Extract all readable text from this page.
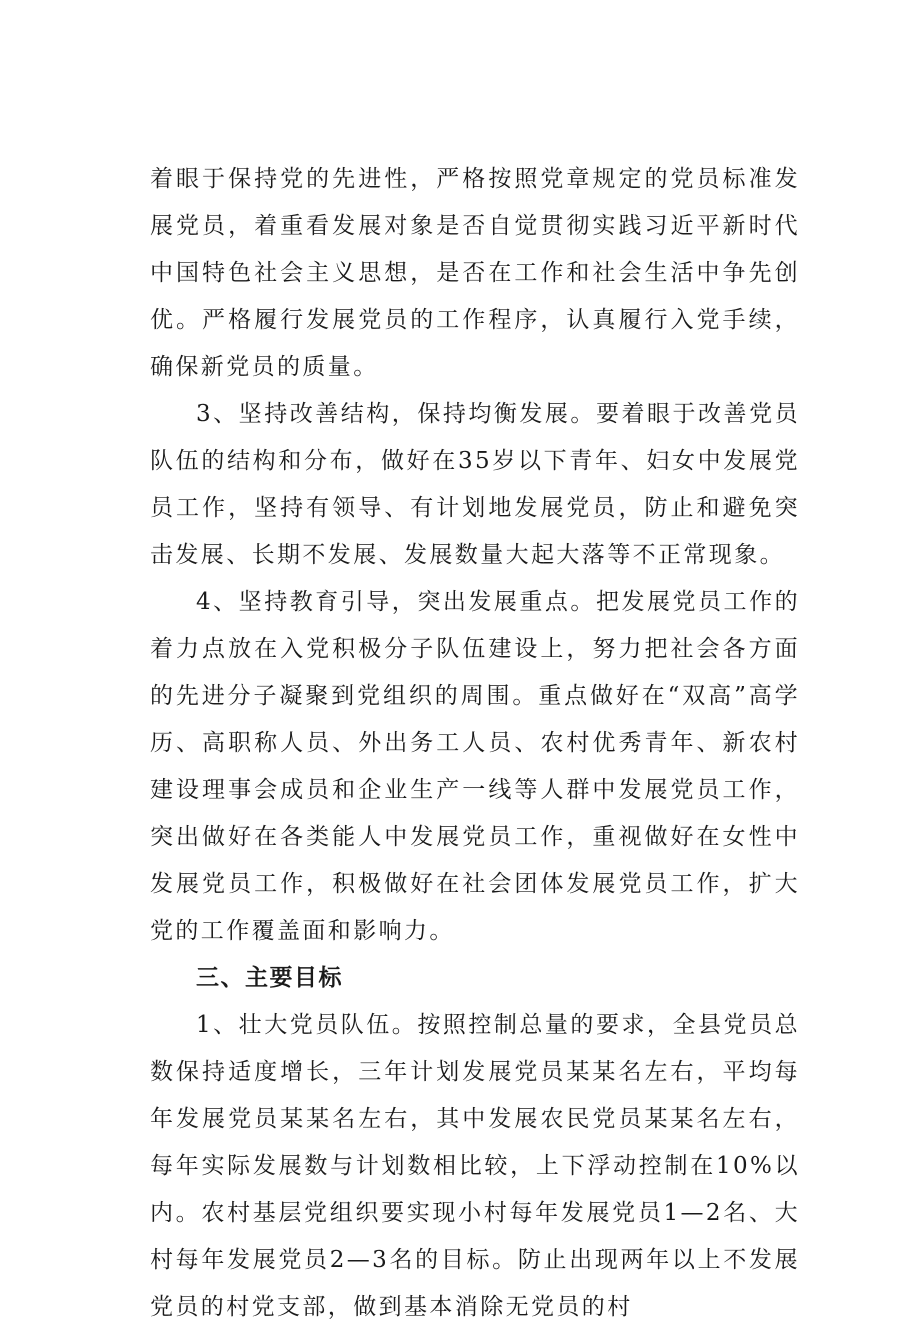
着眼于保持党的先进性，严格按照党章规定的党员标准发展党员，着重看发展对象是否自觉贯彻实践习近平新时代中国特色社会主义思想，是否在工作和社会生活中争先创优。严格履行发展党员的工作程序，认真履行入党手续，确保新党员的质量。

3、坚持改善结构，保持均衡发展。要着眼于改善党员队伍的结构和分布，做好在35岁以下青年、妇女中发展党员工作，坚持有领导、有计划地发展党员，防止和避免突击发展、长期不发展、发展数量大起大落等不正常现象。

4、坚持教育引导，突出发展重点。把发展党员工作的着力点放在入党积极分子队伍建设上，努力把社会各方面的先进分子凝聚到党组织的周围。重点做好在“双高”高学历、高职称人员、外出务工人员、农村优秀青年、新农村建设理事会成员和企业生产一线等人群中发展党员工作，突出做好在各类能人中发展党员工作，重视做好在女性中发展党员工作，积极做好在社会团体发展党员工作，扩大党的工作覆盖面和影响力。

三、主要目标

1、壮大党员队伍。按照控制总量的要求，全县党员总数保持适度增长，三年计划发展党员某某名左右，平均每年发展党员某某名左右，其中发展农民党员某某名左右，每年实际发展数与计划数相比较，上下浮动控制在10%以内。农村基层党组织要实现小村每年发展党员1—2名、大村每年发展党员2—3名的目标。防止出现两年以上不发展党员的村党支部，做到基本消除无党员的村
